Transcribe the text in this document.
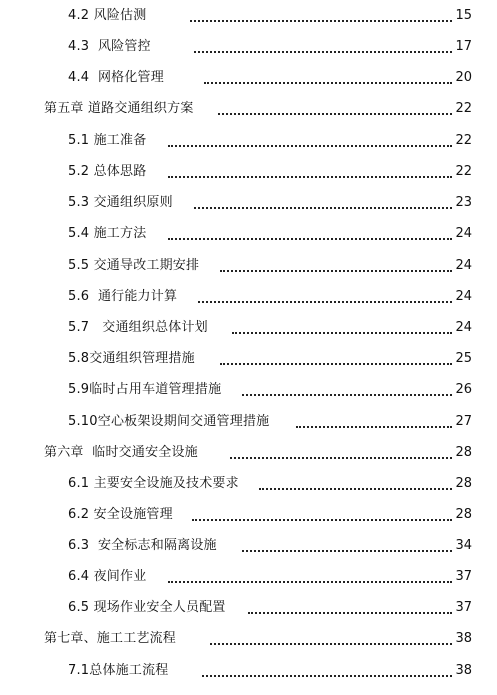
4.2 风险估测	15
4.3  风险管控	17
4.4  网格化管理	20
第五章 道路交通组织方案	22
5.1 施工准备	22
5.2 总体思路	22
5.3 交通组织原则	23
5.4 施工方法	24
5.5 交通导改工期安排	24
5.6  通行能力计算	24
5.7   交通组织总体计划	24
5.8交通组织管理措施	25
5.9临时占用车道管理措施	26
5.10空心板架设期间交通管理措施	27
第六章  临时交通安全设施	28
6.1 主要安全设施及技术要求	28
6.2 安全设施管理	28
6.3  安全标志和隔离设施	34
6.4 夜间作业	37
6.5 现场作业安全人员配置	37
第七章、施工工艺流程	38
7.1总体施工流程	38
